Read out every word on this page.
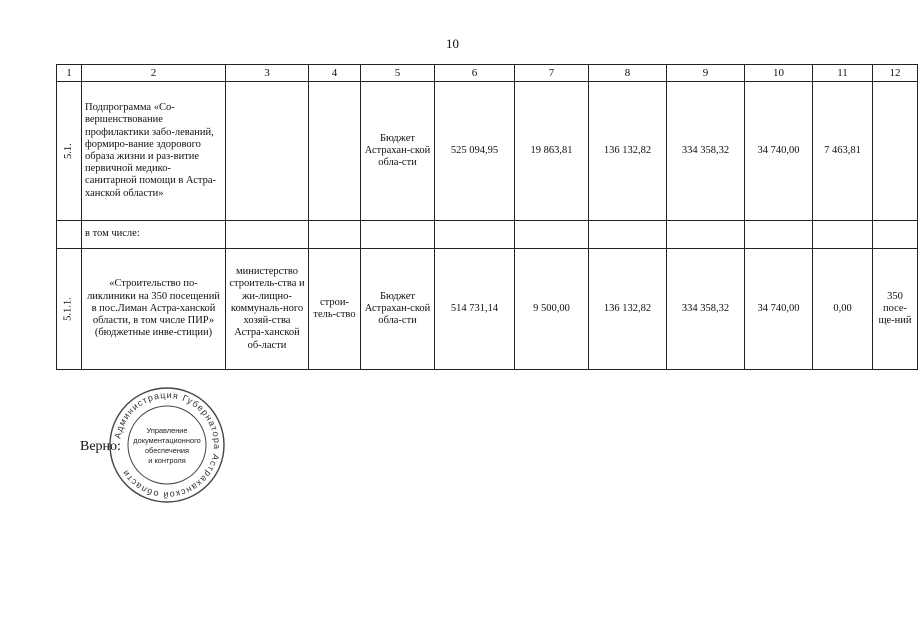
10
1	2	3	4	5	6	7	8	9	10	11	12
5.1.	Подпрограмма «Со-вершенствование профилактики забо-леваний, формиро-вание здорового образа жизни и раз-витие первичной медико-санитарной помощи в Астра-ханской области»			Бюджет Астрахан-ской обла-сти	525 094,95	19 863,81	136 132,82	334 358,32	34 740,00	7 463,81	
	в том числе:										
5.1.1.	«Строительство по-ликлиники на 350 посещений в пос.Лиман Астра-ханской области, в том числе ПИР» (бюджетные инве-стиции)	министерство строитель-ства и жи-лищно-коммуналь-ного хозяй-ства Астра-ханской об-ласти	строи-тель-ство	Бюджет Астрахан-ской обла-сти	514 731,14	9 500,00	136 132,82	334 358,32	34 740,00	0,00	350 посе-ще-ний
Верно:
Администрация Губернатора Астраханской области
Управление
документационного
обеспечения
и контроля
